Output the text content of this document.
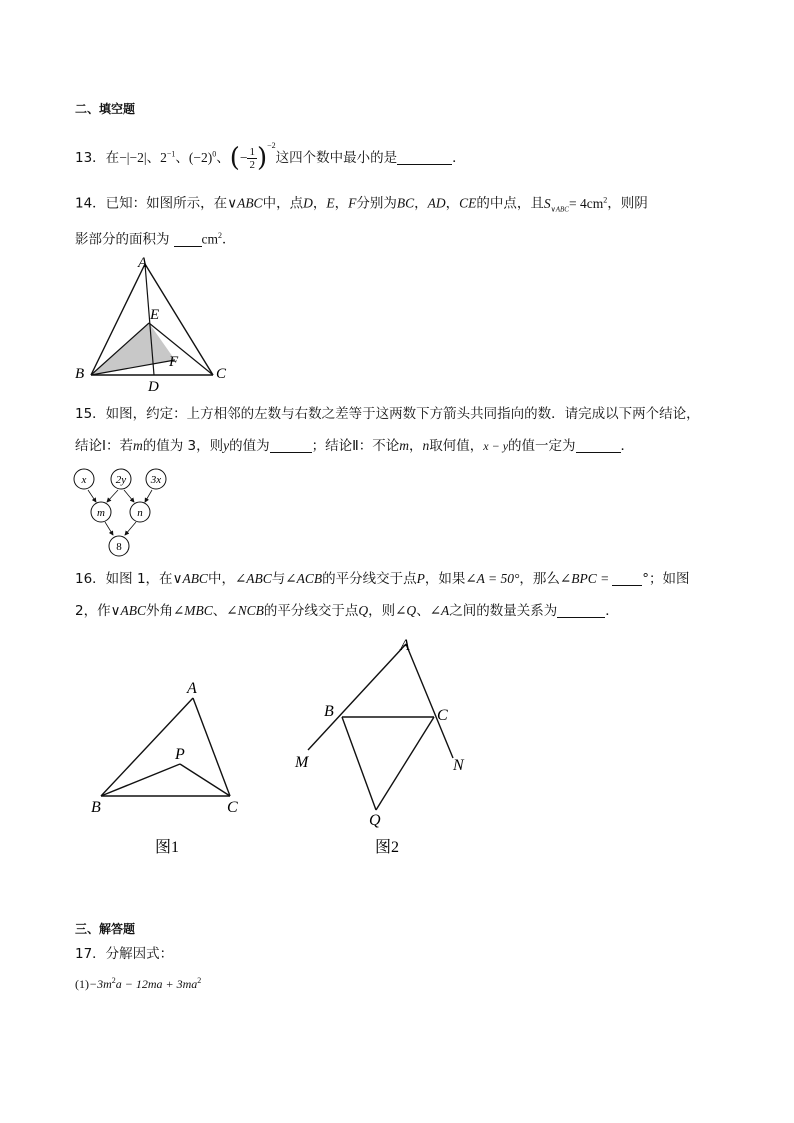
二、填空题
13．在−|−2|、$2^{-1}$、$(-2)^0$、(− $\frac{1}{2} )^{-2}$这四个数中最小的是	．
14．已知：如图所示，在∨ABC中，点D，E，F分别为BC，AD，CE的中点，且$S_{\vee ABC}= 4cm^2$，则阴
影部分的面积为 $cm^2$．
A
B	C
D
E
F
15．如图，约定：上方相邻的左数与右数之差等于这两数下方箭头共同指向的数．请完成以下两个结论，
结论Ⅰ：若m的值为 3，则y的值为	；结论Ⅱ：不论m，n取何值，x − y的值一定为	．
x	2y 3x
m	n
8
16．如图 1，在∨ABC中，∠ABC与∠ACB的平分线交于点P，如果∠A = 50°，那么∠BPC = °；如图
2，作∨ABC外角∠MBC、∠NCB的平分线交于点Q，则∠Q、∠A之间的数量关系为	．
A
B	C
P
图1
A
B	C
M	N
Q
图2
三、解答题
17．分解因式：
$(1)-3m^2a - 12ma + 3ma^2$
